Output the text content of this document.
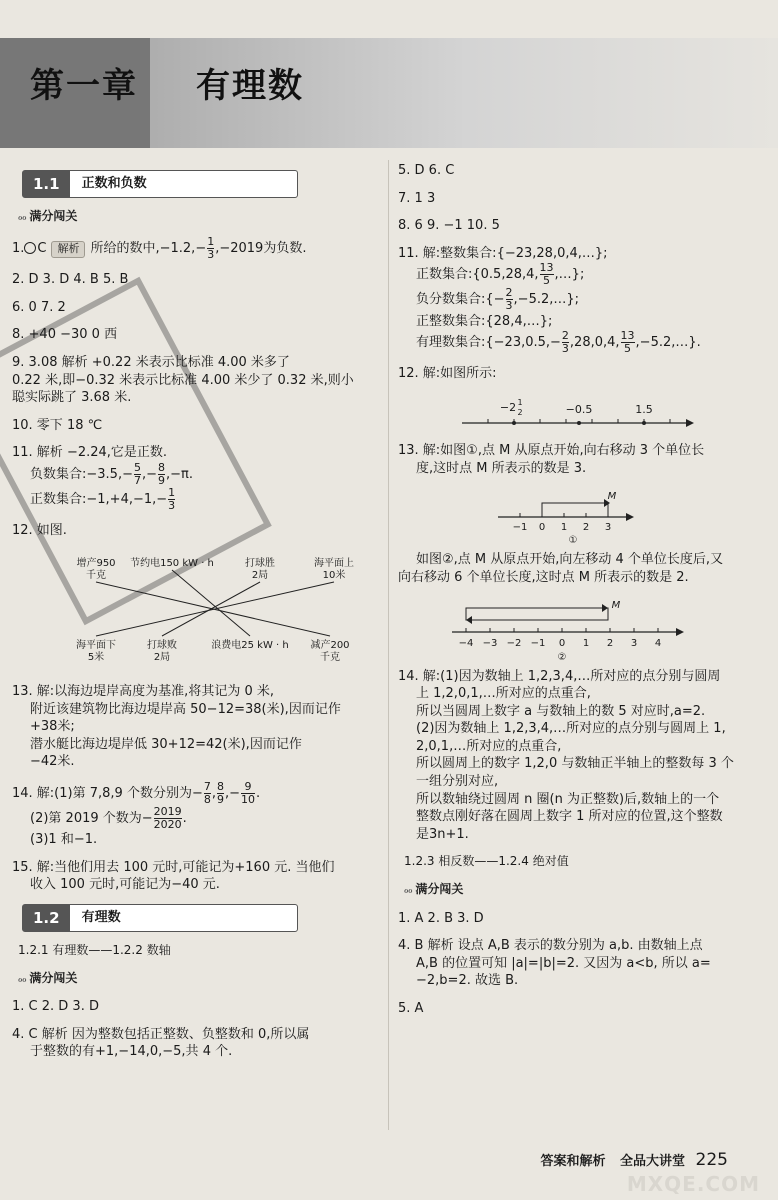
第一章 有理数
1.1	正数和负数
ℴℴ 满分闯关

1. C 解析 所给的数中$,-1.2,- \frac{1}{3} ,-2019$为负数.

2. D 3. D 4. B 5. B

6. 0 7. 2

8. +40 −30 0 西

9. 3.08 解析 +0.22 米表示比标准 4.00 米多了
0.22 米,即−0.32 米表示比标准 4.00 米少了 0.32 米,则小
聪实际跳了 3.68 米.

10. 零下 18 ℃

11. 解析 −2.24,它是正数.
负数集合:−3.5,− $\frac{5}{7}$ ,− $\frac{8}{9} ,-\pi$.
正数集合:−1,+4,−1,− $\frac{1}{3}$

12. 如图.

增产950
千克
节约电150 kW · h	打球胜
2局
海平面上
10米
海平面下
5米
打球败
2局
浪费电25 kW · h 减产200
千克

13. 解:以海边堤岸高度为基准,将其记为 0 米,
附近该建筑物比海边堤岸高 50−12=38(米),因而记作
+38米;
潜水艇比海边堤岸低 30+12=42(米),因而记作
−42米.

14. 解:(1)第 7,8,9 个数分别为− $\frac{7}{8}$ , $\frac{8}{9}$ ,− $\frac{9}{10}$ .
(2)第 2019 个数为− $\frac{2019}{2020}$ .
(3)1 和−1.

15. 解:当他们用去 100 元时,可能记为+160 元. 当他们
收入 100 元时,可能记为−40 元.

1.2	有理数
1.2.1 有理数——1.2.2 数轴
ℴℴ 满分闯关

1. C 2. D 3. D

4. C 解析 因为整数包括正整数、负整数和 0,所以属
于整数的有+1,−14,0,−5,共 4 个.

5. D 6. C

7. 1 3

8. 6 9. −1 10. 5

11. 解:整数集合:{−23,28,0,4,…};
正数集合:{0.5,28,4, $\frac{13}{5}$ ,…};
负分数集合:{− $\frac{2}{3}$ ,−5.2,…};
正整数集合:{28,4,…};
有理数集合:{−23,0.5,− $\frac{2}{3} ,28,0,4$, $\frac{13}{5}$ ,−5.2,…}.

12. 解:如图所示:

−2 1
2	−0.5	1.5

13. 解:如图①,点 M 从原点开始,向右移动 3 个单位长
度,这时点 M 所表示的数是 3.

M
−1 0 1 2 3
①

如图②,点 M 从原点开始,向左移动 4 个单位长度后,又
向右移动 6 个单位长度,这时点 M 所表示的数是 2.

M
−4 −3 −2 −1 0 1 2 3 4
②

14. 解:(1)因为数轴上 1,2,3,4,…所对应的点分别与圆周
上 1,2,0,1,…所对应的点重合,
所以当圆周上数字 a 与数轴上的数 5 对应时,a=2.
(2)因为数轴上 1,2,3,4,…所对应的点分别与圆周上 1,
2,0,1,…所对应的点重合,
所以圆周上的数字 1,2,0 与数轴正半轴上的整数每 3 个
一组分别对应,
所以数轴绕过圆周 n 圈(n 为正整数)后,数轴上的一个
整数点刚好落在圆周上数字 1 所对应的位置,这个整数
是3n+1.

1.2.3 相反数——1.2.4 绝对值
ℴℴ 满分闯关

1. A 2. B 3. D

4. B 解析 设点 A,B 表示的数分别为 a,b. 由数轴上点
A,B 的位置可知 |a|=|b|=2. 又因为 a<b, 所以 a=
−2,b=2. 故选 B.

5. A

答案和解析 全品大讲堂 225
MXQE.COM
